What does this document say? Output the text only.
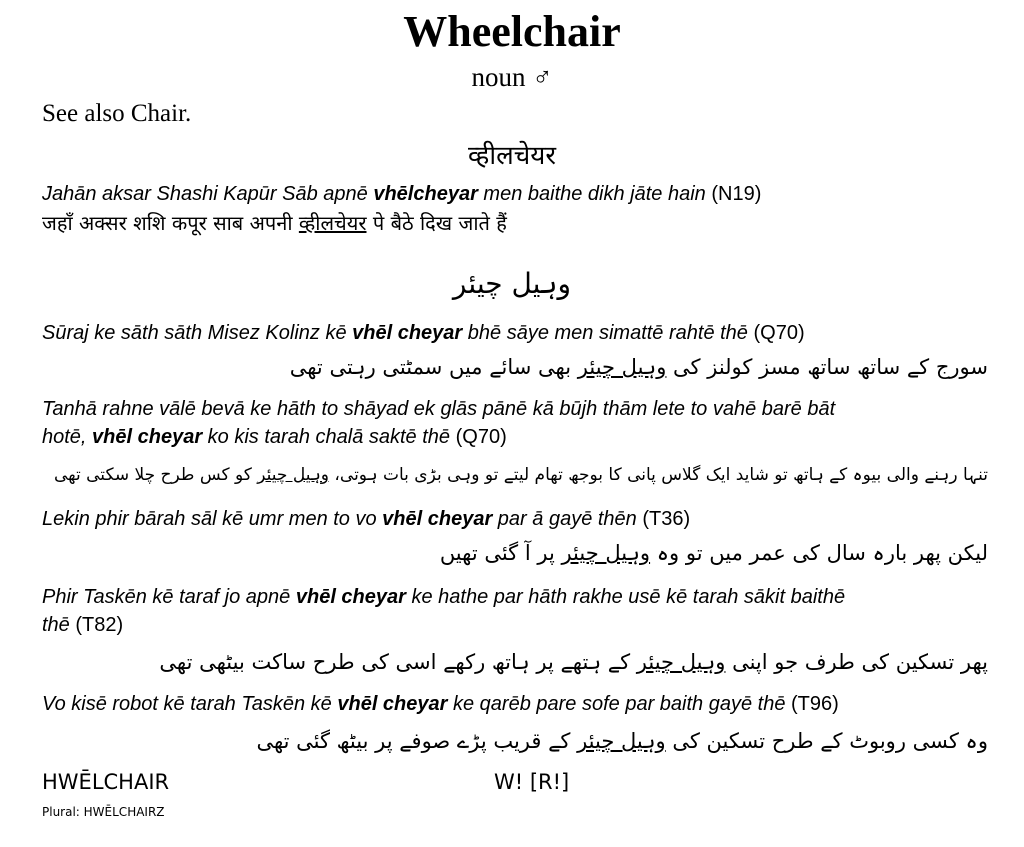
Wheelchair
noun ♂
See also Chair.
व्हीलचेयर
Jahān aksar Shashi Kapūr Sāb apnē vhēlcheyar men baithe dikh jāte hain (N19)
जहाँ अक्सर शशि कपूर साब अपनी व्हीलचेयर पे बैठे दिख जाते हैं
وہیل چیئر
Sūraj ke sāth sāth Misez Kolinz kē vhēl cheyar bhē sāye men simattē rahtē thē (Q70)
سورج کے ساتھ ساتھ مسز کولنز کی وہیل چیئر بھی سائے میں سمٹتی رہتی تھی
Tanhā rahne vālē bevā ke hāth to shāyad ek glās pānē kā būjh thām lete to vahē barē bāt
hotē, vhēl cheyar ko kis tarah chalā saktē thē (Q70)
تنہا رہنے والی بیوہ کے ہاتھ تو شاید ایک گلاس پانی کا بوجھ تھام لیتے تو وہی بڑی بات ہوتی، وہیل چیئر کو کس طرح چلا سکتی تھی
Lekin phir bārah sāl kē umr men to vo vhēl cheyar par ā gayē thēn (T36)
لیکن پھر بارہ سال کی عمر میں تو وہ وہیل چیئر پر آ گئی تھیں
Phir Taskēn kē taraf jo apnē vhēl cheyar ke hathe par hāth rakhe usē kē tarah sākit baithē
thē (T82)
پھر تسکین کی طرف جو اپنی وہیل چیئر کے ہتھے پر ہاتھ رکھے اسی کی طرح ساکت بیٹھی تھی
Vo kisē robot kē tarah Taskēn kē vhēl cheyar ke qarēb pare sofe par baith gayē thē (T96)
وہ کسی روبوٹ کے طرح تسکین کی وہیل چیئر کے قریب پڑے صوفے پر بیٹھ گئی تھی
HWĒLCHAIR
Plural: HWĒLCHAIRZ
W! [R!]
